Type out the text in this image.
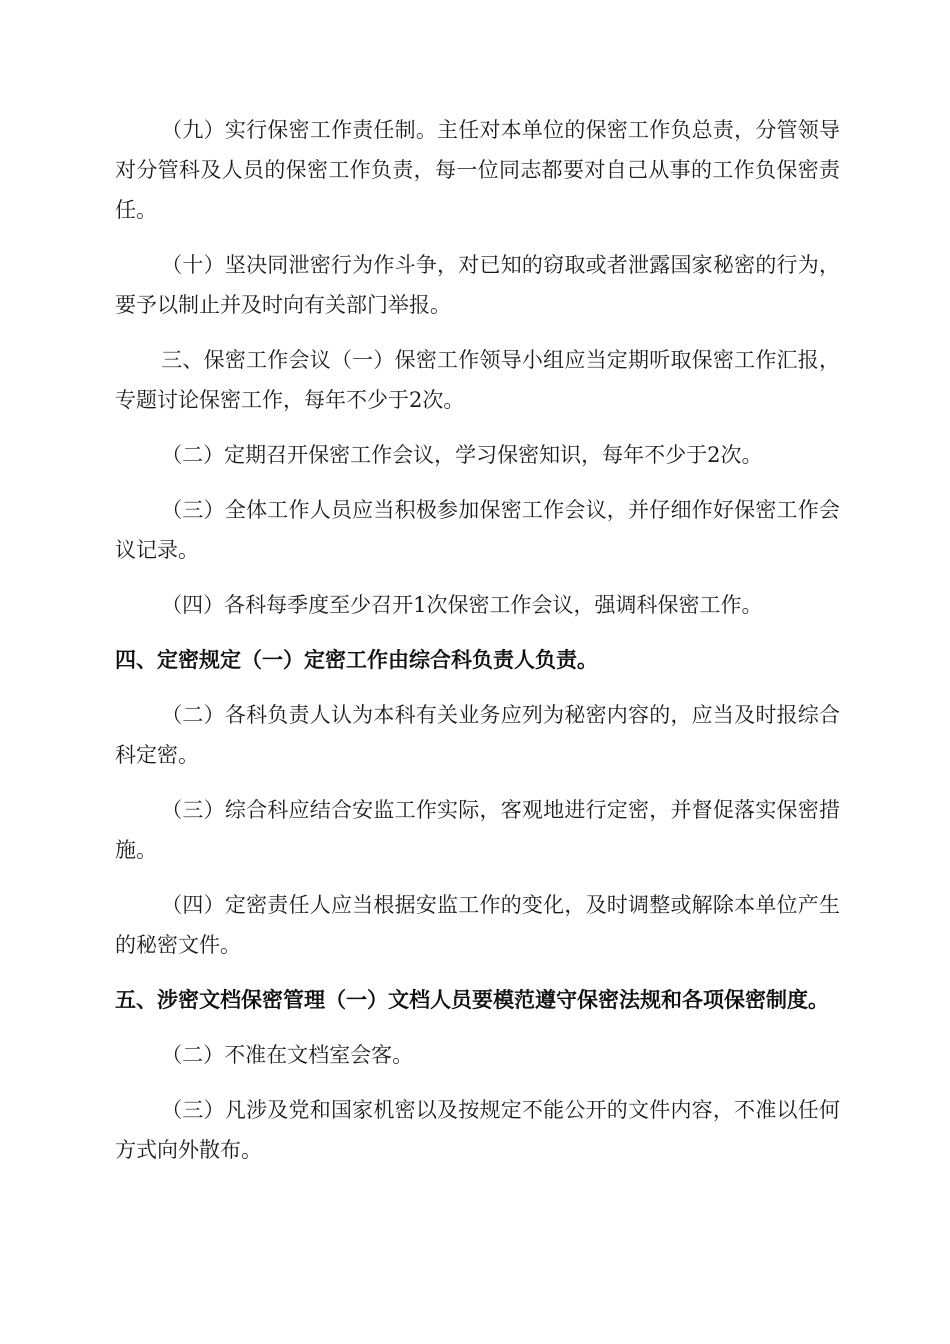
（九）实行保密工作责任制。主任对本单位的保密工作负总责，分管领导对分管科及人员的保密工作负责，每一位同志都要对自己从事的工作负保密责任。

（十）坚决同泄密行为作斗争，对已知的窃取或者泄露国家秘密的行为，要予以制止并及时向有关部门举报。

三、保密工作会议（一）保密工作领导小组应当定期听取保密工作汇报，专题讨论保密工作，每年不少于2次。

（二）定期召开保密工作会议，学习保密知识，每年不少于2次。

（三）全体工作人员应当积极参加保密工作会议，并仔细作好保密工作会议记录。

（四）各科每季度至少召开1次保密工作会议，强调科保密工作。

四、定密规定（一）定密工作由综合科负责人负责。

（二）各科负责人认为本科有关业务应列为秘密内容的，应当及时报综合科定密。

（三）综合科应结合安监工作实际，客观地进行定密，并督促落实保密措施。

（四）定密责任人应当根据安监工作的变化，及时调整或解除本单位产生的秘密文件。

五、涉密文档保密管理（一）文档人员要模范遵守保密法规和各项保密制度。

（二）不准在文档室会客。

（三）凡涉及党和国家机密以及按规定不能公开的文件内容，不准以任何方式向外散布。
